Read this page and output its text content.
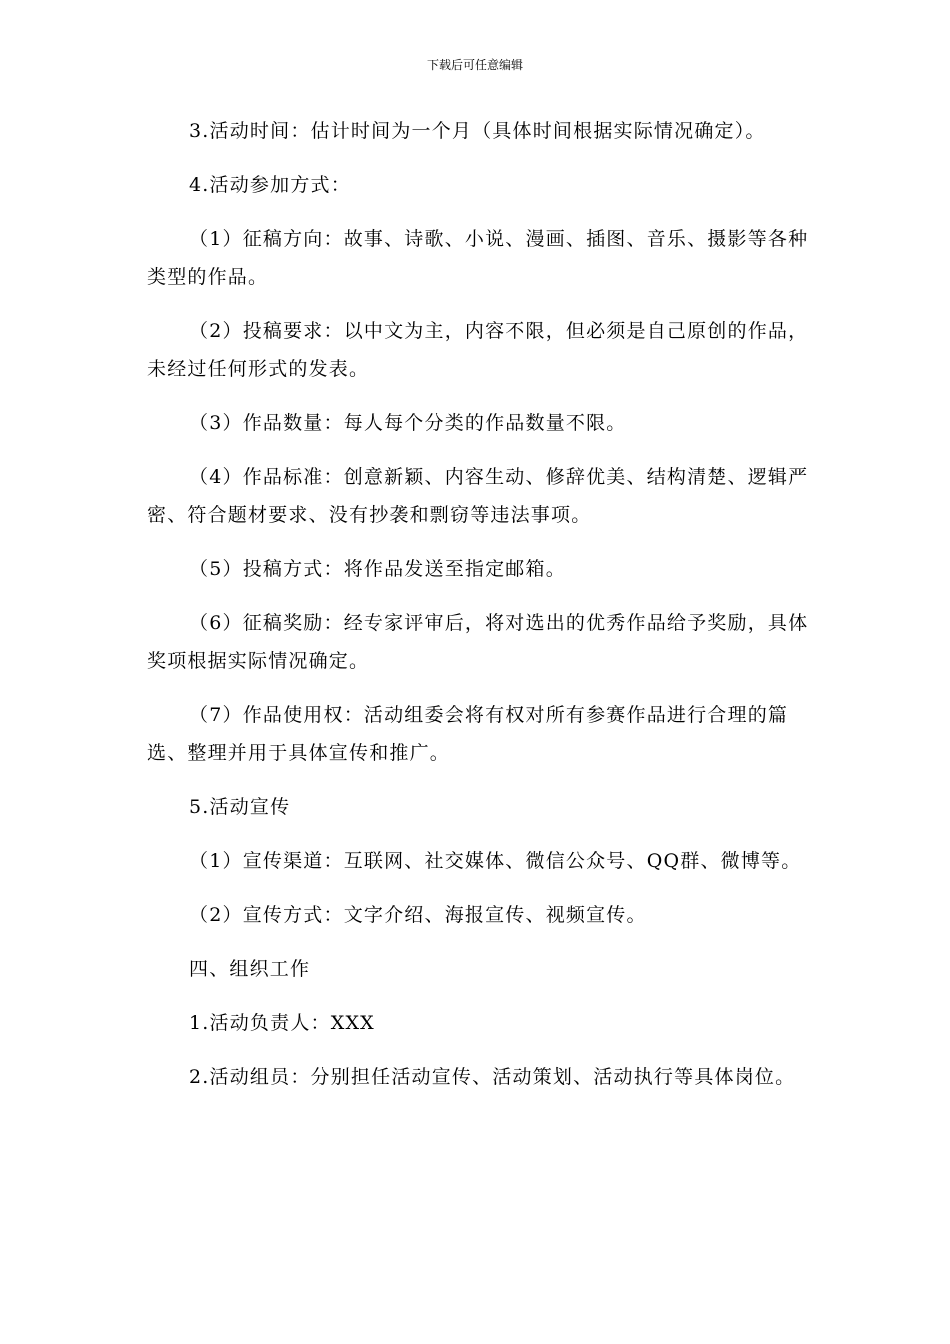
下载后可任意编辑

3.活动时间：估计时间为一个月（具体时间根据实际情况确定）。

4.活动参加方式：

（1）征稿方向：故事、诗歌、小说、漫画、插图、音乐、摄影等各种类型的作品。

（2）投稿要求：以中文为主，内容不限，但必须是自己原创的作品，未经过任何形式的发表。

（3）作品数量：每人每个分类的作品数量不限。

（4）作品标准：创意新颖、内容生动、修辞优美、结构清楚、逻辑严密、符合题材要求、没有抄袭和剽窃等违法事项。

（5）投稿方式：将作品发送至指定邮箱。

（6）征稿奖励：经专家评审后，将对选出的优秀作品给予奖励，具体奖项根据实际情况确定。

（7）作品使用权：活动组委会将有权对所有参赛作品进行合理的篇选、整理并用于具体宣传和推广。

5.活动宣传

（1）宣传渠道：互联网、社交媒体、微信公众号、QQ群、微博等。

（2）宣传方式：文字介绍、海报宣传、视频宣传。

四、组织工作

1.活动负责人：XXX

2.活动组员：分别担任活动宣传、活动策划、活动执行等具体岗位。
